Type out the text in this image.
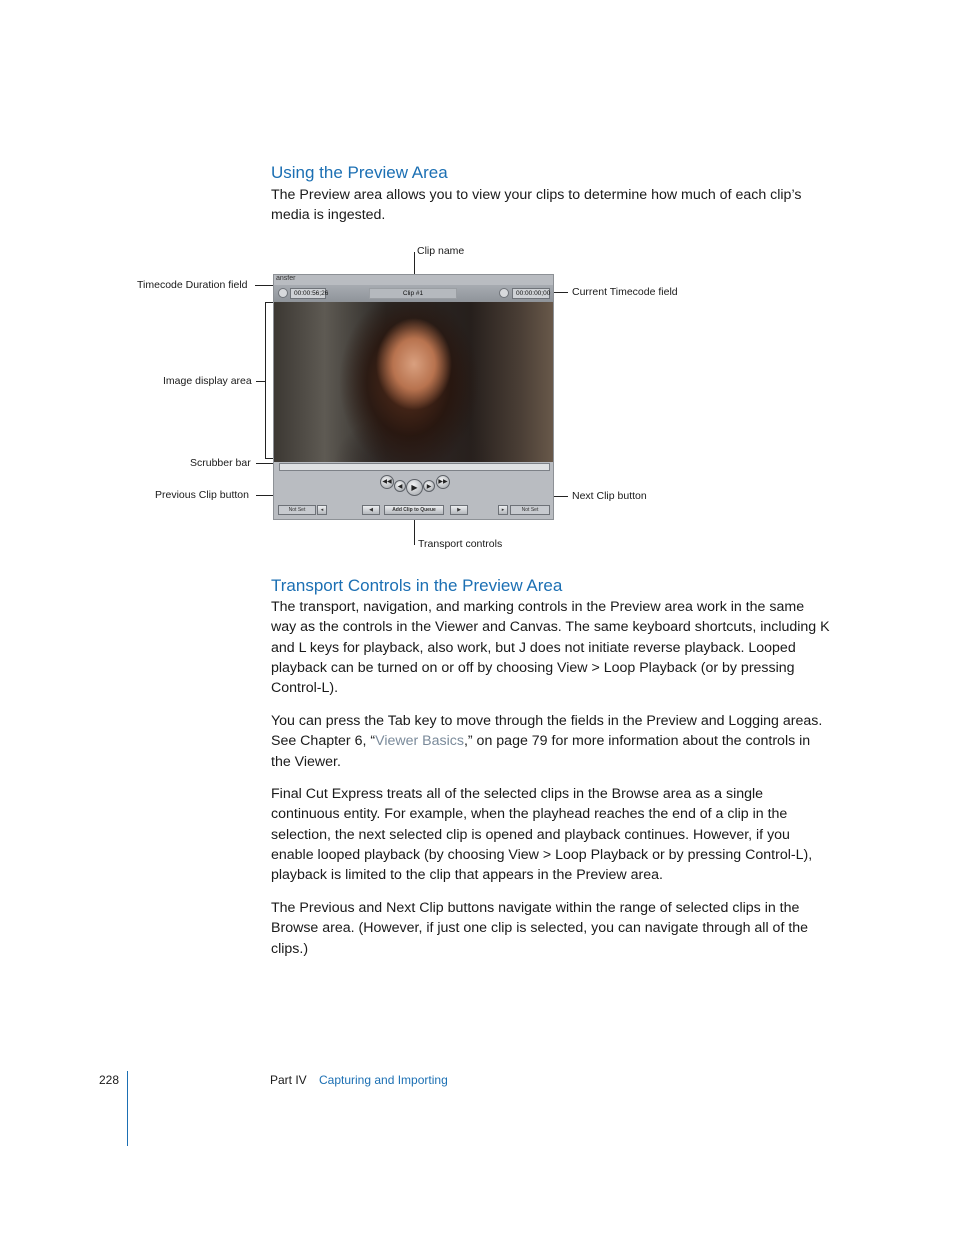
Using the Preview Area

The Preview area allows you to view your clips to determine how much of each clip’s media is ingested.

Clip name
Timecode Duration field
Current Timecode field
Image display area
Scrubber bar
Previous Clip button	Next Clip button
Transport controls
ansfer
00:00:56;26	Clip #1	00:00:00;00
◀◀
◀	▶	▶
▶▶
Not Set	◂	◀	Add Clip to Queue	▶	▸	Not Set
Transport Controls in the Preview Area

The transport, navigation, and marking controls in the Preview area work in the same way as the controls in the Viewer and Canvas. The same keyboard shortcuts, including K and L keys for playback, also work, but J does not initiate reverse playback. Looped playback can be turned on or off by choosing View > Loop Playback (or by pressing Control-L).

You can press the Tab key to move through the fields in the Preview and Logging areas. See Chapter 6, “Viewer Basics,” on page 79 for more information about the controls in the Viewer.

Final Cut Express treats all of the selected clips in the Browse area as a single continuous entity. For example, when the playhead reaches the end of a clip in the selection, the next selected clip is opened and playback continues. However, if you enable looped playback (by choosing View > Loop Playback or by pressing Control-L), playback is limited to the clip that appears in the Preview area.

The Previous and Next Clip buttons navigate within the range of selected clips in the Browse area. (However, if just one clip is selected, you can navigate through all of the clips.)

228	Part IV Capturing and Importing
